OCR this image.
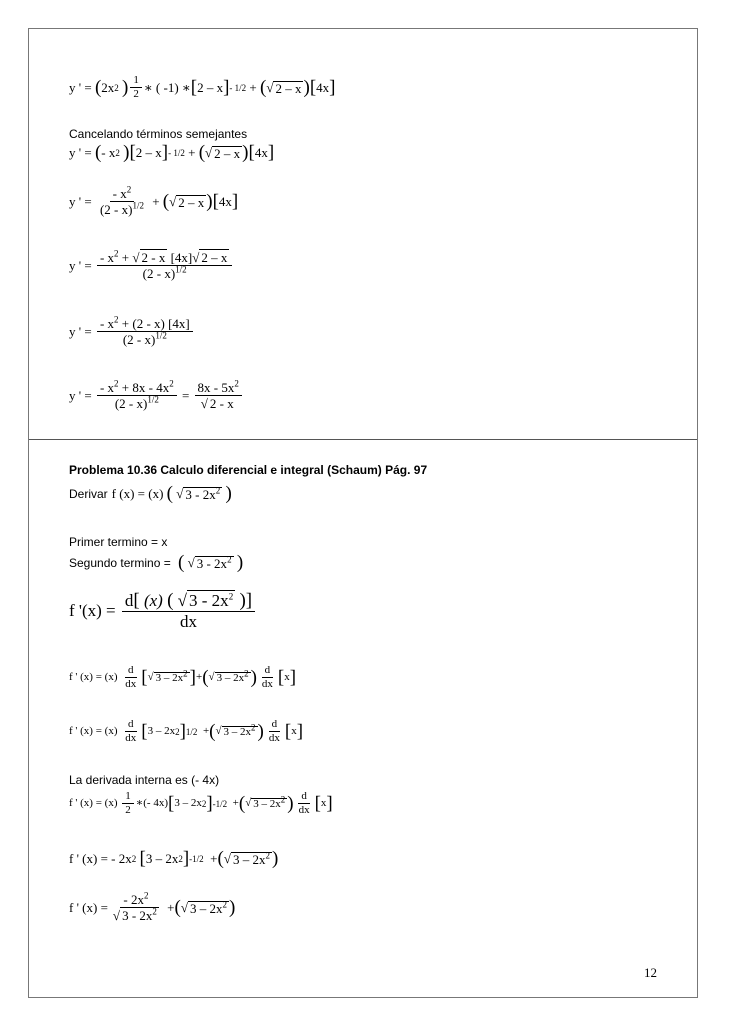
y ' = ( 2x 2
) $\frac{1}{2}$ ∗ ( -1) ∗ [ 2 – x ] - 1/2 + ( √ 2 – x ) [ 4x ]
Cancelando términos semejantes
y ' = ( - x 2
) [ 2 – x ] - 1/2 + ( √ 2 – x ) [ 4x ]
y ' = $\frac{- x^2}{(2 - x)^{1/2}}$ + ( √ 2 – x ) [ 4x ]
y ' = $\frac{- x^2 + √ 2 - x [4x]√ 2 - x}{(2 - x)^{1/2}}$
y ' = $\frac{- x^2 + (2 - x) [4x]}{(2 - x)^{1/2}}$
y ' = $\frac{- x^2 + 8x - 4x^2}{(2 - x)^{1/2}} = \frac{8x - 5x^2}{√ 2 - x}$
Problema 10.36 Calculo diferencial e integral (Schaum) Pág. 97
Derivar f (x) = (x) ( √ $3 - 2x^2$
)
Primer termino = x
Segundo termino =
( √ $3 - 2x^2$
)
f '(x) =
$\frac{d[ (x) ( √ 3 - 2x^2 )]}{dx}$
f ' $(x) = (x) \frac{d}{dx}$ [ √ $3 - 2x^2$ ] + ( √ $3 - 2x^2$ ) $\frac{d}{dx}$ [ x ]
f ' $(x) = (x) \frac{d}{dx}$ [ 3 – 2x 2 ] 1/2 + ( √ $3 - 2x^2$ ) $\frac{d}{dx}$ [ x ]
La derivada interna es (- 4x)
f ' $(x) = (x) \frac{1}{2}$ ∗(- 4x) [ 3 – 2x 2 ] -1/2 + ( √ $3 - 2x^2$ ) $\frac{d}{dx}$ [ x ]
f ' (x) = - 2x 2
[ 3 – 2x 2 ] -1/2 + ( √ $3 - 2x^2$ )
f ' $(x) = \frac{- 2x^2}{√ 3 - 2x^2}$ + ( √ $3 - 2x^2$ )
12
